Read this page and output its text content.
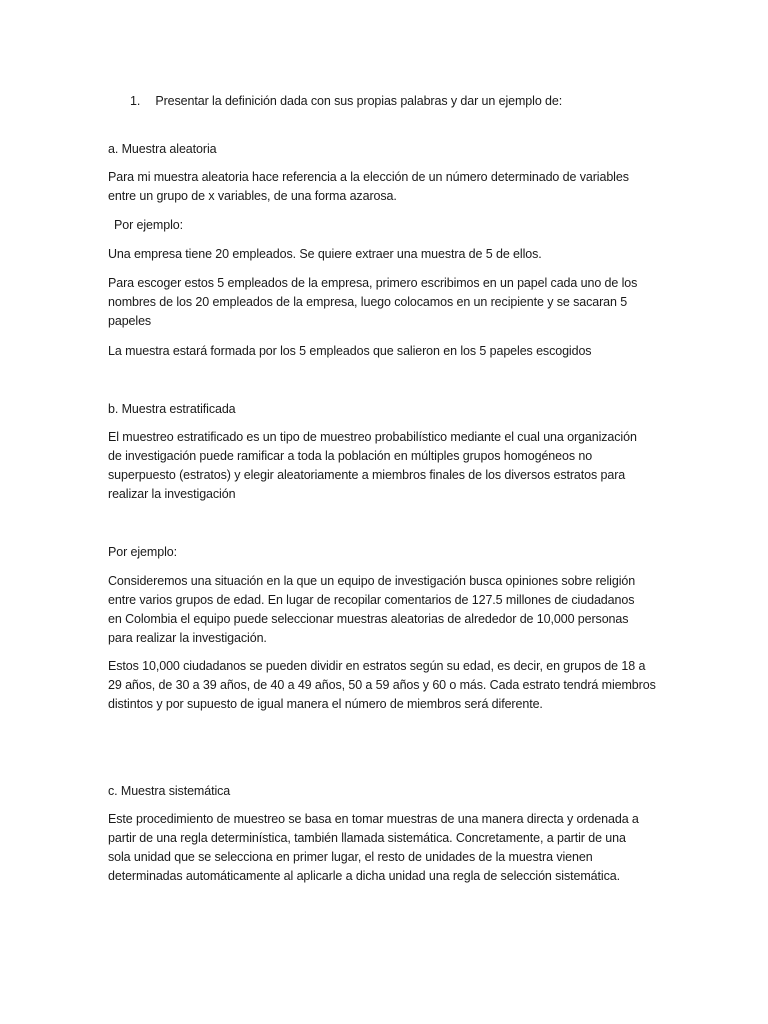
1. Presentar la definición dada con sus propias palabras y dar un ejemplo de:
a. Muestra aleatoria
Para mi muestra aleatoria hace referencia a la elección de un número determinado de variables
entre un grupo de x variables, de una forma azarosa.
Por ejemplo:
Una empresa tiene 20 empleados. Se quiere extraer una muestra de 5 de ellos.
Para escoger estos 5 empleados de la empresa, primero escribimos en un papel cada uno de los
nombres de los 20 empleados de la empresa, luego colocamos en un recipiente y se sacaran 5
papeles
La muestra estará formada por los 5 empleados que salieron en los 5 papeles escogidos
b. Muestra estratificada
El muestreo estratificado es un tipo de muestreo probabilístico mediante el cual una organización
de investigación puede ramificar a toda la población en múltiples grupos homogéneos no
superpuesto (estratos) y elegir aleatoriamente a miembros finales de los diversos estratos para
realizar la investigación
Por ejemplo:
Consideremos una situación en la que un equipo de investigación busca opiniones sobre religión
entre varios grupos de edad. En lugar de recopilar comentarios de 127.5 millones de ciudadanos
en Colombia el equipo puede seleccionar muestras aleatorias de alrededor de 10,000 personas
para realizar la investigación.
Estos 10,000 ciudadanos se pueden dividir en estratos según su edad, es decir, en grupos de 18 a
29 años, de 30 a 39 años, de 40 a 49 años, 50 a 59 años y 60 o más. Cada estrato tendrá miembros
distintos y por supuesto de igual manera el número de miembros será diferente.
c. Muestra sistemática
Este procedimiento de muestreo se basa en tomar muestras de una manera directa y ordenada a
partir de una regla determinística, también llamada sistemática. Concretamente, a partir de una
sola unidad que se selecciona en primer lugar, el resto de unidades de la muestra vienen
determinadas automáticamente al aplicarle a dicha unidad una regla de selección sistemática.
